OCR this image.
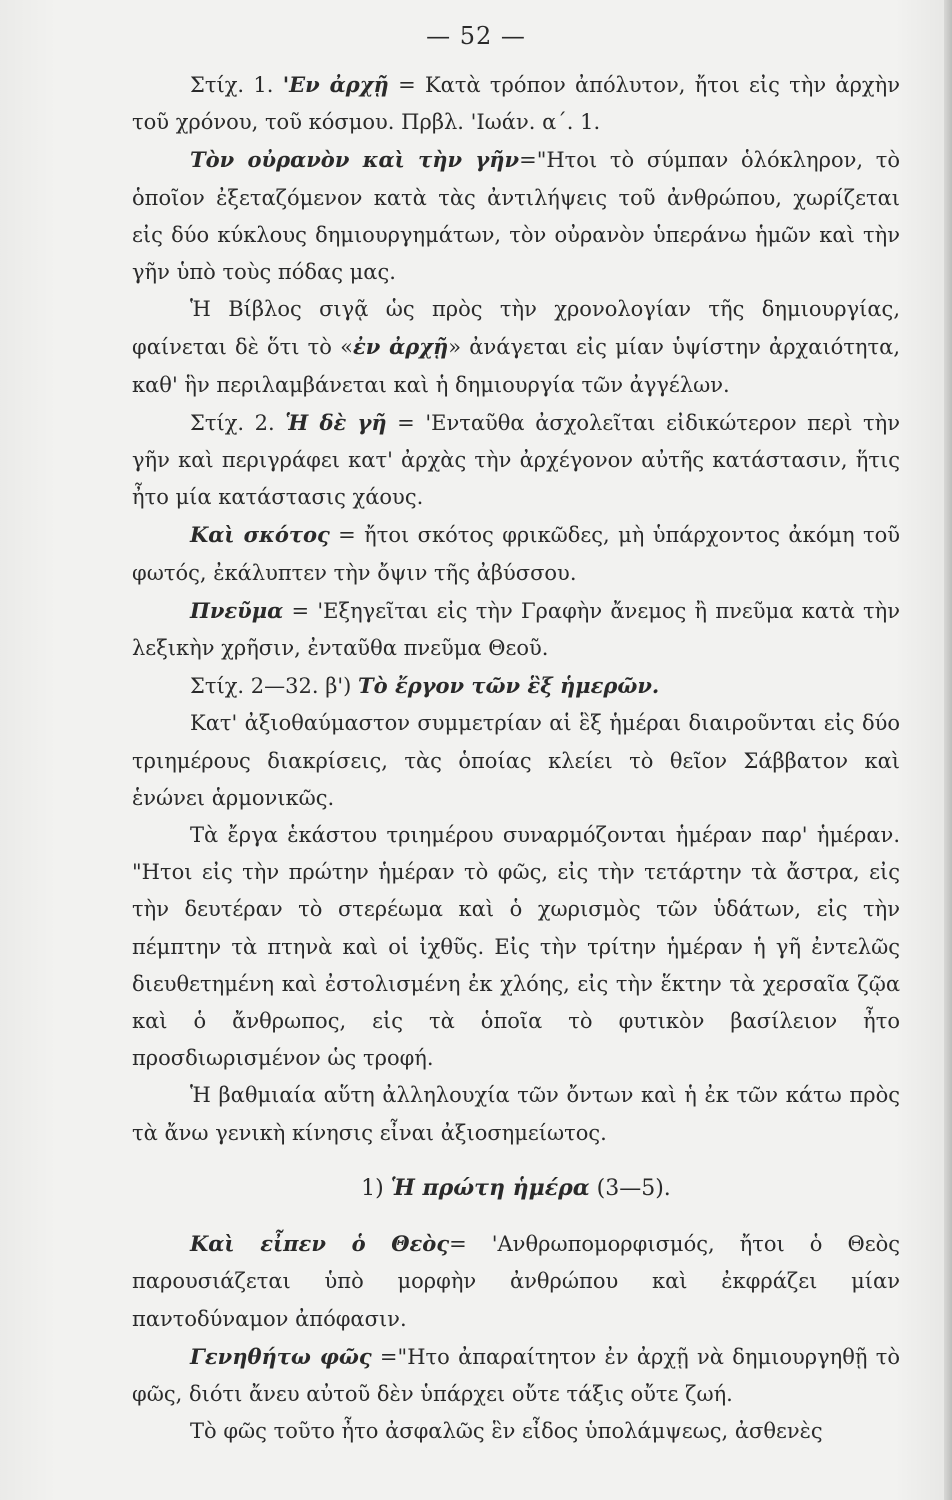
— 52 —

Στίχ. 1. 'Εν ἀρχῇ = Κατὰ τρόπον ἀπόλυτον, ἤτοι εἰς τὴν ἀρχὴν τοῦ χρόνου, τοῦ κόσμου. Πρβλ. 'Ιωάν. α΄. 1.

Τὸν οὐρανὸν καὶ τὴν γῆν="Ητοι τὸ σύμπαν ὁλόκληρον, τὸ ὁποῖον ἐξεταζόμενον κατὰ τὰς ἀντιλήψεις τοῦ ἀνθρώπου, χωρίζεται εἰς δύο κύκλους δημιουργημάτων, τὸν οὐρανὸν ὑπεράνω ἡμῶν καὶ τὴν γῆν ὑπὸ τοὺς πόδας μας.

Ἡ Βίβλος σιγᾷ ὡς πρὸς τὴν χρονολογίαν τῆς δημιουργίας, φαίνεται δὲ ὅτι τὸ «ἐν ἀρχῇ» ἀνάγεται εἰς μίαν ὑψίστην ἀρχαιότητα, καθ' ἣν περιλαμβάνεται καὶ ἡ δημιουργία τῶν ἀγγέλων.

Στίχ. 2. Ἡ δὲ γῆ = 'Ενταῦθα ἀσχολεῖται εἰδικώτερον περὶ τὴν γῆν καὶ περιγράφει κατ' ἀρχὰς τὴν ἀρχέγονον αὐτῆς κατάστασιν, ἥτις ἦτο μία κατάστασις χάους.

Καὶ σκότος = ἤτοι σκότος φρικῶδες, μὴ ὑπάρχοντος ἀκόμη τοῦ φωτός, ἐκάλυπτεν τὴν ὄψιν τῆς ἀβύσσου.

Πνεῦμα = 'Εξηγεῖται εἰς τὴν Γραφὴν ἄνεμος ἢ πνεῦμα κατὰ τὴν λεξικὴν χρῆσιν, ἐνταῦθα πνεῦμα Θεοῦ.

Στίχ. 2—32. β') Τὸ ἔργον τῶν ἓξ ἡμερῶν.

Κατ' ἀξιοθαύμαστον συμμετρίαν αἱ ἓξ ἡμέραι διαιροῦνται εἰς δύο τριημέρους διακρίσεις, τὰς ὁποίας κλείει τὸ θεῖον Σάββατον καὶ ἑνώνει ἁρμονικῶς.

Τὰ ἔργα ἑκάστου τριημέρου συναρμόζονται ἡμέραν παρ' ἡμέραν. "Ητοι εἰς τὴν πρώτην ἡμέραν τὸ φῶς, εἰς τὴν τετάρτην τὰ ἄστρα, εἰς τὴν δευτέραν τὸ στερέωμα καὶ ὁ χωρισμὸς τῶν ὑδάτων, εἰς τὴν πέμπτην τὰ πτηνὰ καὶ οἱ ἰχθῦς. Εἰς τὴν τρίτην ἡμέραν ἡ γῆ ἐντελῶς διευθετημένη καὶ ἐστολισμένη ἐκ χλόης, εἰς τὴν ἕκτην τὰ χερσαῖα ζῷα καὶ ὁ ἄνθρωπος, εἰς τὰ ὁποῖα τὸ φυτικὸν βασίλειον ἦτο προσδιωρισμένον ὡς τροφή.

Ἡ βαθμιαία αὕτη ἀλληλουχία τῶν ὄντων καὶ ἡ ἐκ τῶν κάτω πρὸς τὰ ἄνω γενικὴ κίνησις εἶναι ἀξιοσημείωτος.

1) Ἡ πρώτη ἡμέρα (3—5).

Καὶ εἶπεν ὁ Θεὸς= 'Ανθρωπομορφισμός, ἤτοι ὁ Θεὸς παρουσιάζεται ὑπὸ μορφὴν ἀνθρώπου καὶ ἐκφράζει μίαν παντοδύναμον ἀπόφασιν.

Γενηθήτω φῶς ="Ητο ἀπαραίτητον ἐν ἀρχῇ νὰ δημιουργηθῇ τὸ φῶς, διότι ἄνευ αὐτοῦ δὲν ὑπάρχει οὔτε τάξις οὔτε ζωή.

Τὸ φῶς τοῦτο ἦτο ἀσφαλῶς ἓν εἶδος ὑπολάμψεως, ἀσθενὲς
